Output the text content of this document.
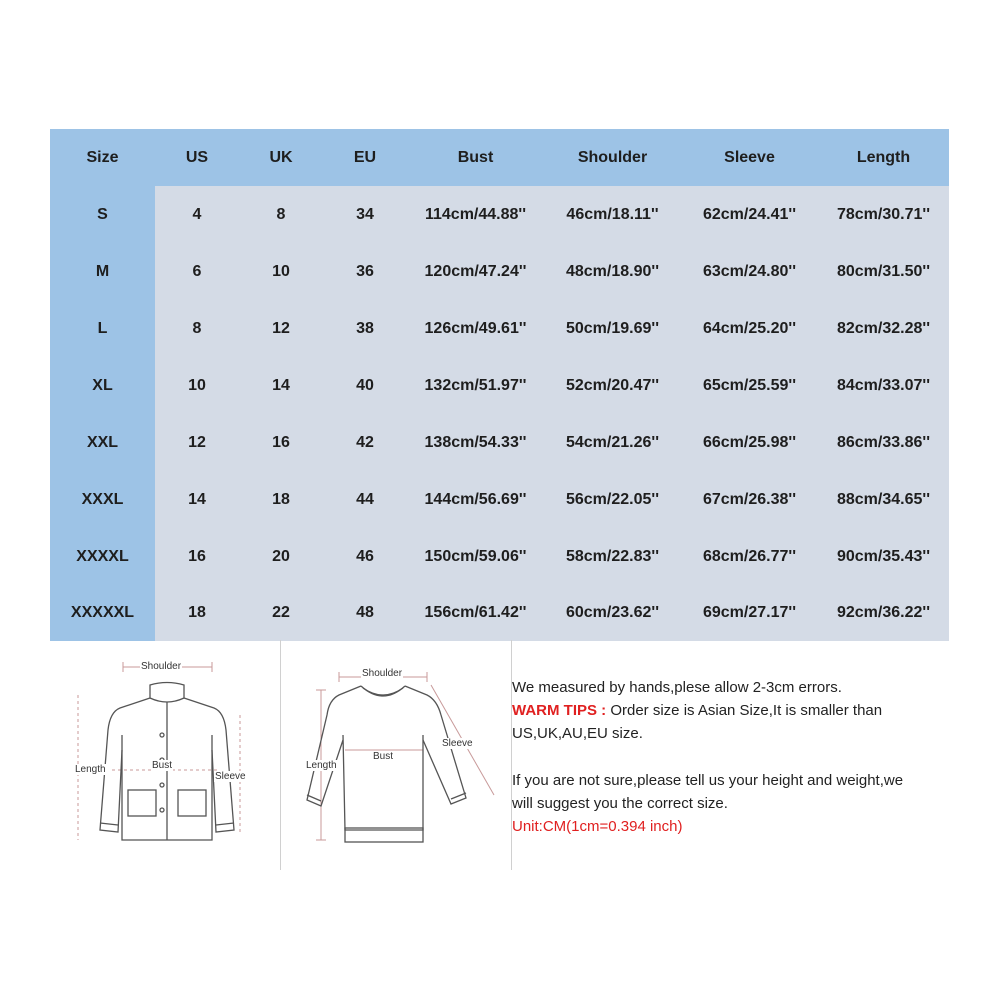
Size	US	UK	EU	Bust	Shoulder	Sleeve	Length
S	4	8	34	114cm/44.88''	46cm/18.11''	62cm/24.41''	78cm/30.71''
M	6	10	36	120cm/47.24''	48cm/18.90''	63cm/24.80''	80cm/31.50''
L	8	12	38	126cm/49.61''	50cm/19.69''	64cm/25.20''	82cm/32.28''
XL	10	14	40	132cm/51.97''	52cm/20.47''	65cm/25.59''	84cm/33.07''
XXL	12	16	42	138cm/54.33''	54cm/21.26''	66cm/25.98''	86cm/33.86''
XXXL	14	18	44	144cm/56.69''	56cm/22.05''	67cm/26.38''	88cm/34.65''
XXXXL	16	20	46	150cm/59.06''	58cm/22.83''	68cm/26.77''	90cm/35.43''
XXXXXL	18	22	48	156cm/61.42''	60cm/23.62''	69cm/27.17''	92cm/36.22''
Shoulder
Length	Bust
Sleeve
Shoulder
Length
Bust
Sleeve

We measured by hands,plese allow 2-3cm errors.

WARM TIPS : Order size is Asian Size,It is smaller than

US,UK,AU,EU size.

If you are not sure,please tell us your height and weight,we

will suggest you the correct size.

Unit:CM(1cm=0.394 inch)
